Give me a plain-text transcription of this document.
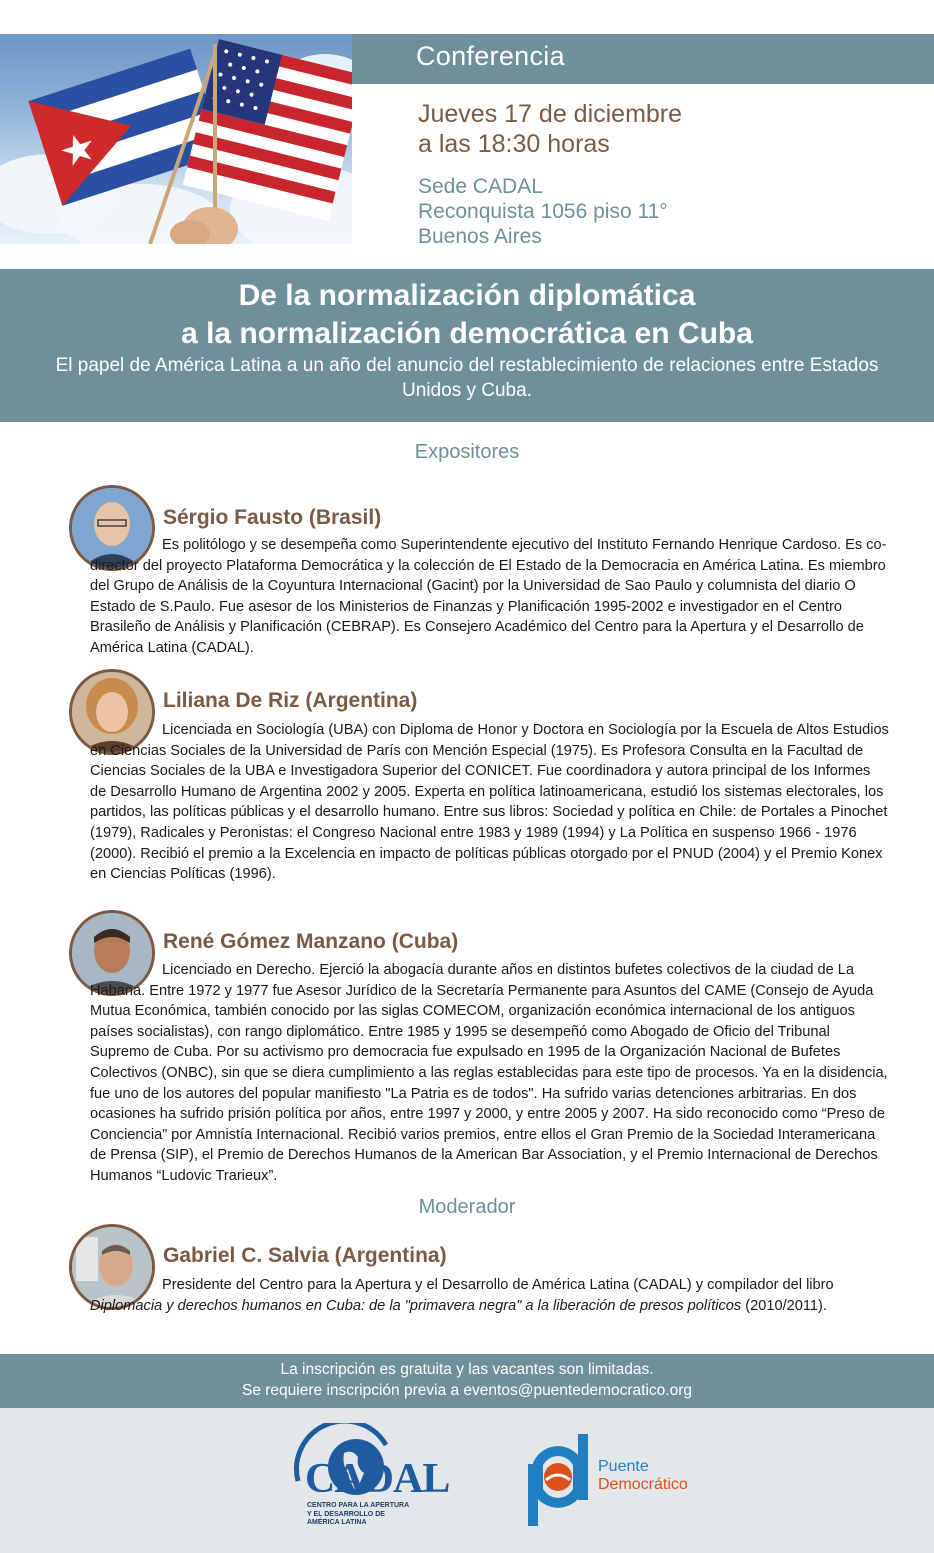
Conferencia
Jueves 17 de diciembre
a las 18:30 horas
Sede CADAL
Reconquista 1056 piso 11°
Buenos Aires
De la normalización diplomática
a la normalización democrática en Cuba
El papel de América Latina a un año del anuncio del restablecimiento de relaciones entre Estados Unidos y Cuba.
Expositores
Sérgio Fausto (Brasil)
Es politólogo y se desempeña como Superintendente ejecutivo del Instituto Fernando Henrique Cardoso. Es co-director del proyecto Plataforma Democrática y la colección de El Estado de la Democracia en América Latina. Es miembro del Grupo de Análisis de la Coyuntura Internacional (Gacint) por la Universidad de Sao Paulo y columnista del diario O Estado de S.Paulo. Fue asesor de los Ministerios de Finanzas y Planificación 1995-2002 e investigador en el Centro Brasileño de Análisis y Planificación (CEBRAP). Es Consejero Académico del Centro para la Apertura y el Desarrollo de América Latina (CADAL).
Liliana De Riz (Argentina)
Licenciada en Sociología (UBA) con Diploma de Honor y Doctora en Sociología por la Escuela de Altos Estudios en Ciencias Sociales de la Universidad de París con Mención Especial (1975). Es Profesora Consulta en la Facultad de Ciencias Sociales de la UBA e Investigadora Superior del CONICET. Fue coordinadora y autora principal de los Informes de Desarrollo Humano de Argentina 2002 y 2005. Experta en política latinoamericana, estudió los sistemas electorales, los partidos, las políticas públicas y el desarrollo humano. Entre sus libros: Sociedad y política en Chile: de Portales a Pinochet (1979), Radicales y Peronistas: el Congreso Nacional entre 1983 y 1989 (1994) y La Política en suspenso 1966 - 1976 (2000). Recibió el premio a la Excelencia en impacto de políticas públicas otorgado por el PNUD (2004) y el Premio Konex en Ciencias Políticas (1996).
René Gómez Manzano (Cuba)
Licenciado en Derecho. Ejerció la abogacía durante años en distintos bufetes colectivos de la ciudad de La Habana. Entre 1972 y 1977 fue Asesor Jurídico de la Secretaría Permanente para Asuntos del CAME (Consejo de Ayuda Mutua Económica, también conocido por las siglas COMECOM, organización económica internacional de los antiguos países socialistas), con rango diplomático. Entre 1985 y 1995 se desempeñó como Abogado de Oficio del Tribunal Supremo de Cuba. Por su activismo pro democracia fue expulsado en 1995 de la Organización Nacional de Bufetes Colectivos (ONBC), sin que se diera cumplimiento a las reglas establecidas para este tipo de procesos. Ya en la disidencia, fue uno de los autores del popular manifiesto "La Patria es de todos". Ha sufrido varias detenciones arbitrarias. En dos ocasiones ha sufrido prisión política por años, entre 1997 y 2000, y entre 2005 y 2007. Ha sido reconocido como “Preso de Conciencia” por Amnistía Internacional. Recibió varios premios, entre ellos el Gran Premio de la Sociedad Interamericana de Prensa (SIP), el Premio de Derechos Humanos de la American Bar Association, y el Premio Internacional de Derechos Humanos “Ludovic Trarieux”.
Moderador
Gabriel C. Salvia (Argentina)
Presidente del Centro para la Apertura y el Desarrollo de América Latina (CADAL) y compilador del libro Diplomacia y derechos humanos en Cuba: de la "primavera negra" a la liberación de presos políticos (2010/2011).
La inscripción es gratuita y las vacantes son limitadas.
Se requiere inscripción previa a eventos@puentedemocratico.org
CADAL
CENTRO PARA LA APERTURA
Y EL DESARROLLO DE
AMÉRICA LATINA
Puente
Democrático
